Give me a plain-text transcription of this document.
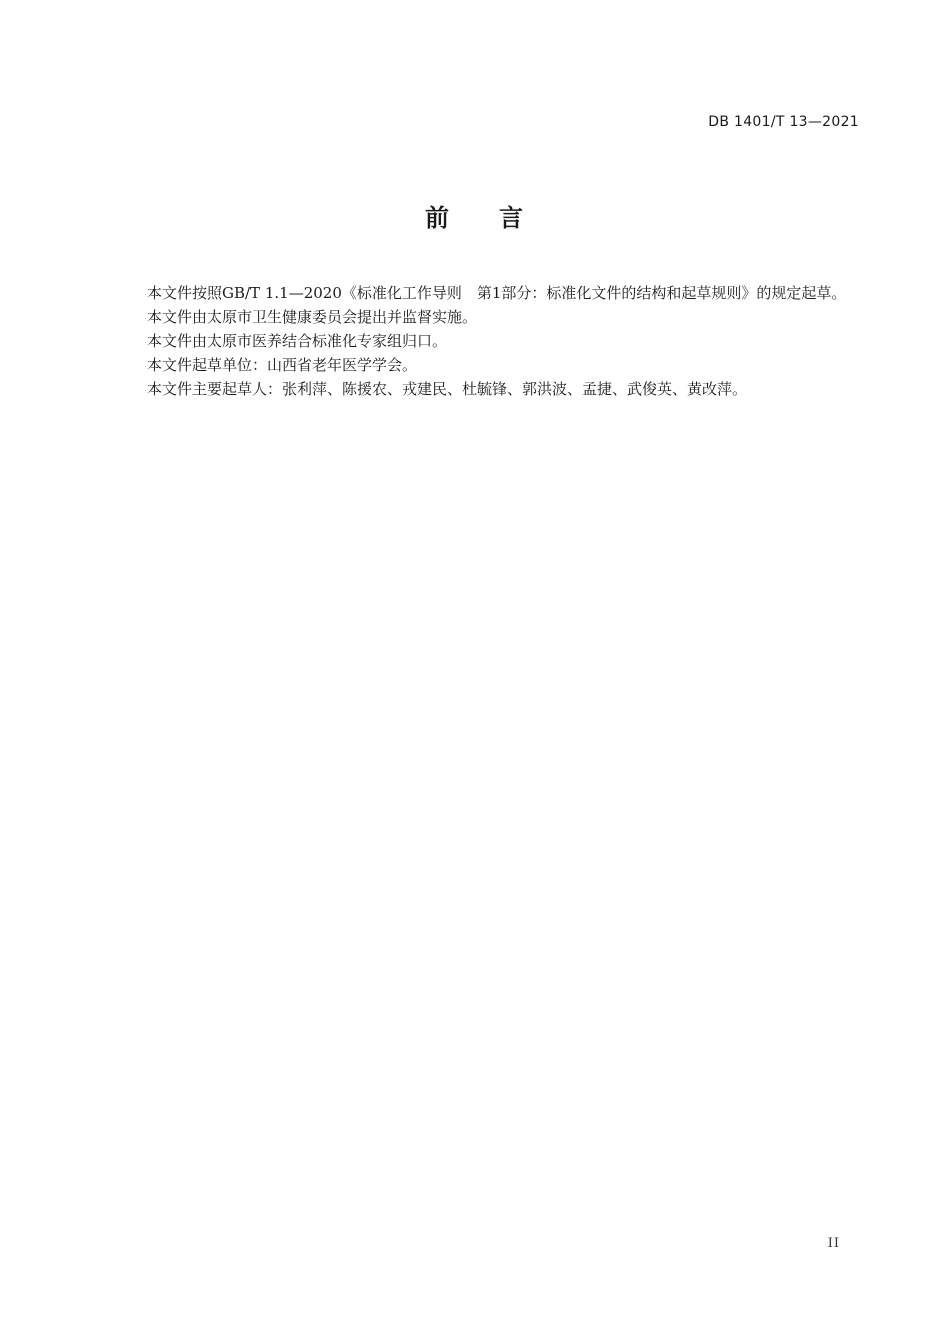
DB 1401/T 13—2021
前 言

本文件按照GB/T 1.1—2020《标准化工作导则　第1部分：标准化文件的结构和起草规则》的规定起草。

本文件由太原市卫生健康委员会提出并监督实施。

本文件由太原市医养结合标准化专家组归口。

本文件起草单位：山西省老年医学学会。

本文件主要起草人：张利萍、陈援农、戎建民、杜毓锋、郭洪波、孟捷、武俊英、黄改萍。

II
